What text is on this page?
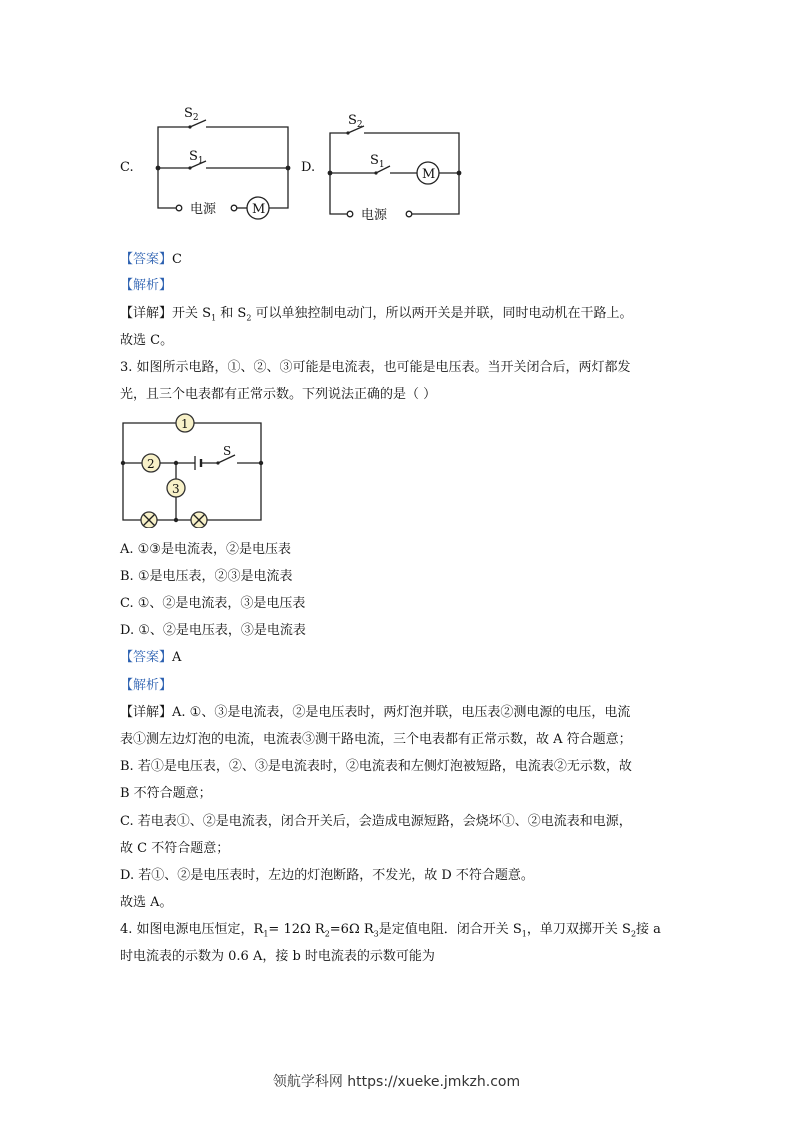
C.
$S_2$
$S_1$
电源	M
D.
$S_2$
$S_1$
M
电源
【答案】C
【解析】
【详解】开关 $S_1$ 和 $S_2$ 可以单独控制电动门，所以两开关是并联，同时电动机在干路上。
故选 C。
3. 如图所示电路，①、②、③可能是电流表，也可能是电压表。当开关闭合后，两灯都发
光，且三个电表都有正常示数。下列说法正确的是（ ）
1
2
3
S
A. ①③是电流表，②是电压表
B. ①是电压表，②③是电流表
C. ①、②是电流表，③是电压表
D. ①、②是电压表，③是电流表
【答案】A
【解析】
【详解】A. ①、③是电流表，②是电压表时，两灯泡并联，电压表②测电源的电压，电流
表①测左边灯泡的电流，电流表③测干路电流，三个电表都有正常示数，故 A 符合题意；
B. 若①是电压表，②、③是电流表时，②电流表和左侧灯泡被短路，电流表②无示数，故
B 不符合题意；
C. 若电表①、②是电流表，闭合开关后，会造成电源短路，会烧坏①、②电流表和电源，
故 C 不符合题意；
D. 若①、②是电压表时，左边的灯泡断路，不发光，故 D 不符合题意。
故选 A。
4. 如图电源电压恒定，$R_1= 12\Omega$ $R_2=6\Omega$ $R_3$是定值电阻．闭合开关 $S_1$，单刀双掷开关 $S_2$接 a
时电流表的示数为 0.6 A，接 b 时电流表的示数可能为
领航学科网 https://xueke.jmkzh.com
